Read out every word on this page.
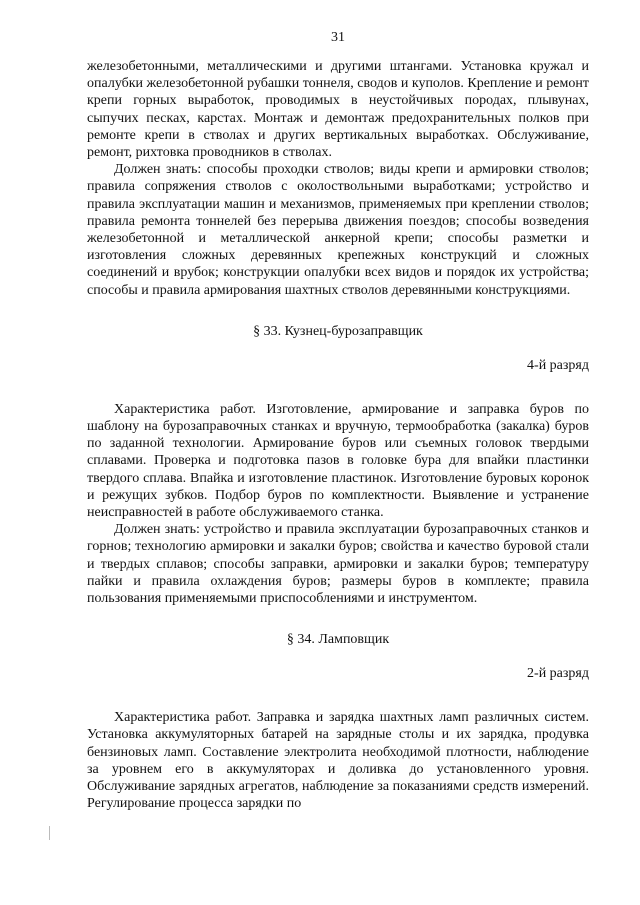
31

железобетонными, металлическими и другими штангами. Установка кружал и опалубки железобетонной рубашки тоннеля, сводов и куполов. Крепление и ремонт крепи горных выработок, проводимых в неустойчивых породах, плывунах, сыпучих песках, карстах. Монтаж и демонтаж предохранительных полков при ремонте крепи в стволах и других вертикальных выработках. Обслуживание, ремонт, рихтовка проводников в стволах.

Должен знать: способы проходки стволов; виды крепи и армировки стволов; правила сопряжения стволов с околоствольными выработками; устройство и правила эксплуатации машин и механизмов, применяемых при креплении стволов; правила ремонта тоннелей без перерыва движения поездов; способы возведения железобетонной и металлической анкерной крепи; способы разметки и изготовления сложных деревянных крепежных конструкций и сложных соединений и врубок; конструкции опалубки всех видов и порядок их устройства; способы и правила армирования шахтных стволов деревянными конструкциями.

§ 33. Кузнец-бурозаправщик
4-й разряд

Характеристика работ. Изготовление, армирование и заправка буров по шаблону на бурозаправочных станках и вручную, термообработка (закалка) буров по заданной технологии. Армирование буров или съемных головок твердыми сплавами. Проверка и подготовка пазов в головке бура для впайки пластинки твердого сплава. Впайка и изготовление пластинок. Изготовление буровых коронок и режущих зубков. Подбор буров по комплектности. Выявление и устранение неисправностей в работе обслуживаемого станка.

Должен знать: устройство и правила эксплуатации бурозаправочных станков и горнов; технологию армировки и закалки буров; свойства и качество буровой стали и твердых сплавов; способы заправки, армировки и закалки буров; температуру пайки и правила охлаждения буров; размеры буров в комплекте; правила пользования применяемыми приспособлениями и инструментом.

§ 34. Ламповщик
2-й разряд

Характеристика работ. Заправка и зарядка шахтных ламп различных систем. Установка аккумуляторных батарей на зарядные столы и их зарядка, продувка бензиновых ламп. Составление электролита необходимой плотности, наблюдение за уровнем его в аккумуляторах и доливка до установленного уровня. Обслуживание зарядных агрегатов, наблюдение за показаниями средств измерений. Регулирование процесса зарядки по
